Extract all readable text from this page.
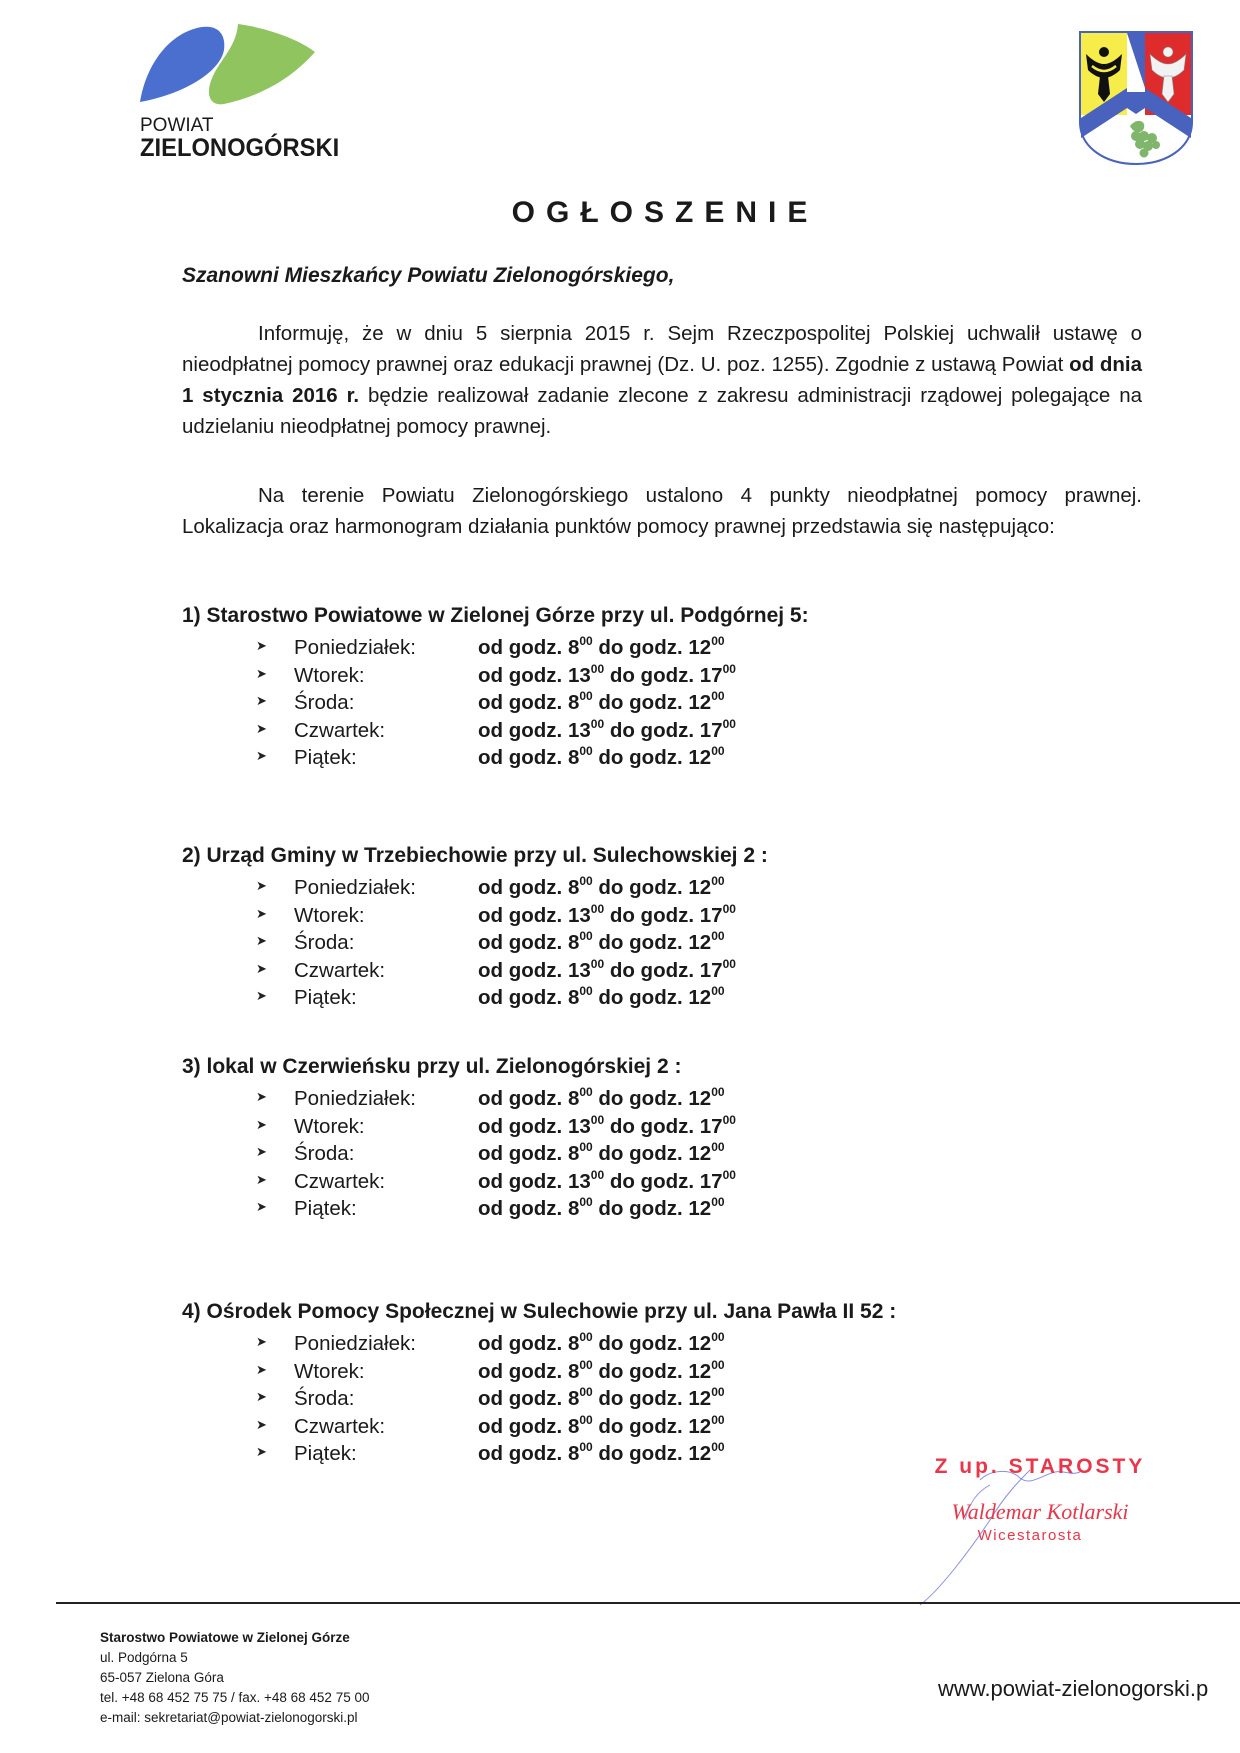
POWIAT
ZIELONOGÓRSKI
OGŁOSZENIE
Szanowni Mieszkańcy Powiatu Zielonogórskiego,
Informuję, że w dniu 5 sierpnia 2015 r. Sejm Rzeczpospolitej Polskiej uchwalił ustawę o nieodpłatnej pomocy prawnej oraz edukacji prawnej (Dz. U. poz. 1255). Zgodnie z ustawą Powiat od dnia 1 stycznia 2016 r. będzie realizował zadanie zlecone z zakresu administracji rządowej polegające na udzielaniu nieodpłatnej pomocy prawnej.
Na terenie Powiatu Zielonogórskiego ustalono 4 punkty nieodpłatnej pomocy prawnej. Lokalizacja oraz harmonogram działania punktów pomocy prawnej przedstawia się następująco:
1) Starostwo Powiatowe w Zielonej Górze przy ul. Podgórnej 5:
➤ Poniedziałek:	od godz. $8^{00}$ do godz. $12^{00}$
➤ Wtorek:	od godz. $13^{00}$ do godz. $17^{00}$
➤ Środa:	od godz. $8^{00}$ do godz. $12^{00}$
➤ Czwartek:	od godz. $13^{00}$ do godz. $17^{00}$
➤ Piątek:	od godz. $8^{00}$ do godz. $12^{00}$
2) Urząd Gminy w Trzebiechowie przy ul. Sulechowskiej 2 :
➤ Poniedziałek:	od godz. $8^{00}$ do godz. $12^{00}$
➤ Wtorek:	od godz. $13^{00}$ do godz. $17^{00}$
➤ Środa:	od godz. $8^{00}$ do godz. $12^{00}$
➤ Czwartek:	od godz. $13^{00}$ do godz. $17^{00}$
➤ Piątek:	od godz. $8^{00}$ do godz. $12^{00}$
3) lokal w Czerwieńsku przy ul. Zielonogórskiej 2 :
➤ Poniedziałek:	od godz. $8^{00}$ do godz. $12^{00}$
➤ Wtorek:	od godz. $13^{00}$ do godz. $17^{00}$
➤ Środa:	od godz. $8^{00}$ do godz. $12^{00}$
➤ Czwartek:	od godz. $13^{00}$ do godz. $17^{00}$
➤ Piątek:	od godz. $8^{00}$ do godz. $12^{00}$
4) Ośrodek Pomocy Społecznej w Sulechowie przy ul. Jana Pawła II 52 :
➤ Poniedziałek:	od godz. $8^{00}$ do godz. $12^{00}$
➤ Wtorek:	od godz. $8^{00}$ do godz. $12^{00}$
➤ Środa:	od godz. $8^{00}$ do godz. $12^{00}$
➤ Czwartek:	od godz. $8^{00}$ do godz. $12^{00}$
➤ Piątek:	od godz. $8^{00}$ do godz. $12^{00}$
Z up. STAROSTY
Waldemar Kotlarski
Wicestarosta
Starostwo Powiatowe w Zielonej Górze
ul. Podgórna 5
65-057 Zielona Góra
tel. +48 68 452 75 75 / fax. +48 68 452 75 00
e-mail: sekretariat@powiat-zielonogorski.pl
www.powiat-zielonogorski.p
